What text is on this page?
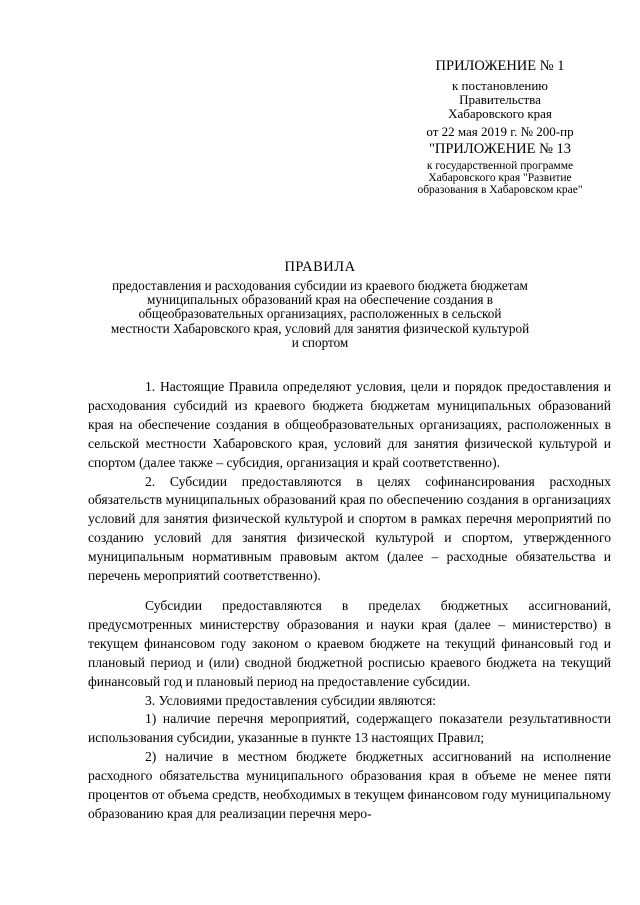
ПРИЛОЖЕНИЕ № 1
к постановлению
Правительства
Хабаровского края
от 22 мая 2019 г. № 200-пр
"ПРИЛОЖЕНИЕ № 13
к государственной программе
Хабаровского края "Развитие
образования в Хабаровском крае"
ПРАВИЛА
предоставления и расходования субсидии из краевого бюджета бюджетам муниципальных образований края на обеспечение создания в общеобразовательных организациях, расположенных в сельской местности Хабаровского края, условий для занятия физической культурой и спортом

1. Настоящие Правила определяют условия, цели и порядок предоставления и расходования субсидий из краевого бюджета бюджетам муниципальных образований края на обеспечение создания в общеобразовательных организациях, расположенных в сельской местности Хабаровского края, условий для занятия физической культурой и спортом (далее также – субсидия, организация и край соответственно).

2. Субсидии предоставляются в целях софинансирования расходных обязательств муниципальных образований края по обеспечению создания в организациях условий для занятия физической культурой и спортом в рамках перечня мероприятий по созданию условий для занятия физической культурой и спортом, утвержденного муниципальным нормативным правовым актом (далее – расходные обязательства и перечень мероприятий соответственно).

Субсидии предоставляются в пределах бюджетных ассигнований, предусмотренных министерству образования и науки края (далее – министерство) в текущем финансовом году законом о краевом бюджете на текущий финансовый год и плановый период и (или) сводной бюджетной росписью краевого бюджета на текущий финансовый год и плановый период на предоставление субсидии.

3. Условиями предоставления субсидии являются:

1) наличие перечня мероприятий, содержащего показатели результативности использования субсидии, указанные в пункте 13 настоящих Правил;

2) наличие в местном бюджете бюджетных ассигнований на исполнение расходного обязательства муниципального образования края в объеме не менее пяти процентов от объема средств, необходимых в текущем финансовом году муниципальному образованию края для реализации перечня меро-
